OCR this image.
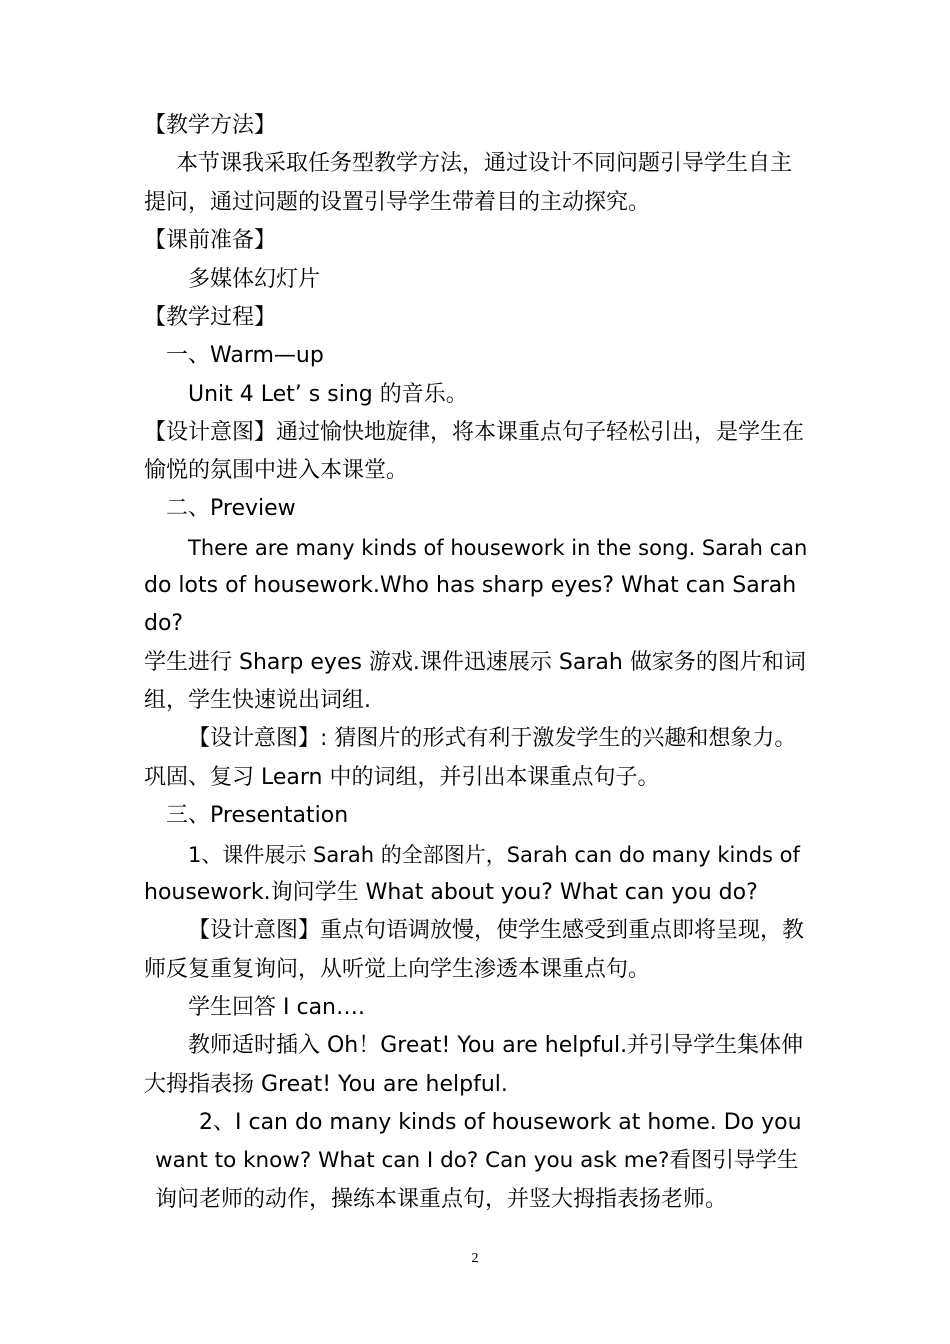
【教学方法】
本节课我采取任务型教学方法，通过设计不同问题引导学生自主
提问，通过问题的设置引导学生带着目的主动探究。
【课前准备】
多媒体幻灯片
【教学过程】
一、Warm—up
Unit 4 Let’ s sing 的音乐。
【设计意图】通过愉快地旋律，将本课重点句子轻松引出，是学生在
愉悦的氛围中进入本课堂。
二、Preview
There are many kinds of housework in the song. Sarah can
do lots of housework.Who has sharp eyes? What can Sarah
do?
学生进行 Sharp eyes 游戏.课件迅速展示 Sarah 做家务的图片和词
组，学生快速说出词组.
【设计意图】: 猜图片的形式有利于激发学生的兴趣和想象力。
巩固、复习 Learn 中的词组，并引出本课重点句子。
三、Presentation
1、课件展示 Sarah 的全部图片，Sarah can do many kinds of
housework.询问学生 What about you? What can you do?
【设计意图】重点句语调放慢，使学生感受到重点即将呈现，教
师反复重复询问，从听觉上向学生渗透本课重点句。
学生回答 I can….
教师适时插入 Oh！Great! You are helpful.并引导学生集体伸
大拇指表扬 Great! You are helpful.
2、I can do many kinds of housework at home. Do you
want to know? What can I do? Can you ask me?看图引导学生
询问老师的动作，操练本课重点句，并竖大拇指表扬老师。
2
